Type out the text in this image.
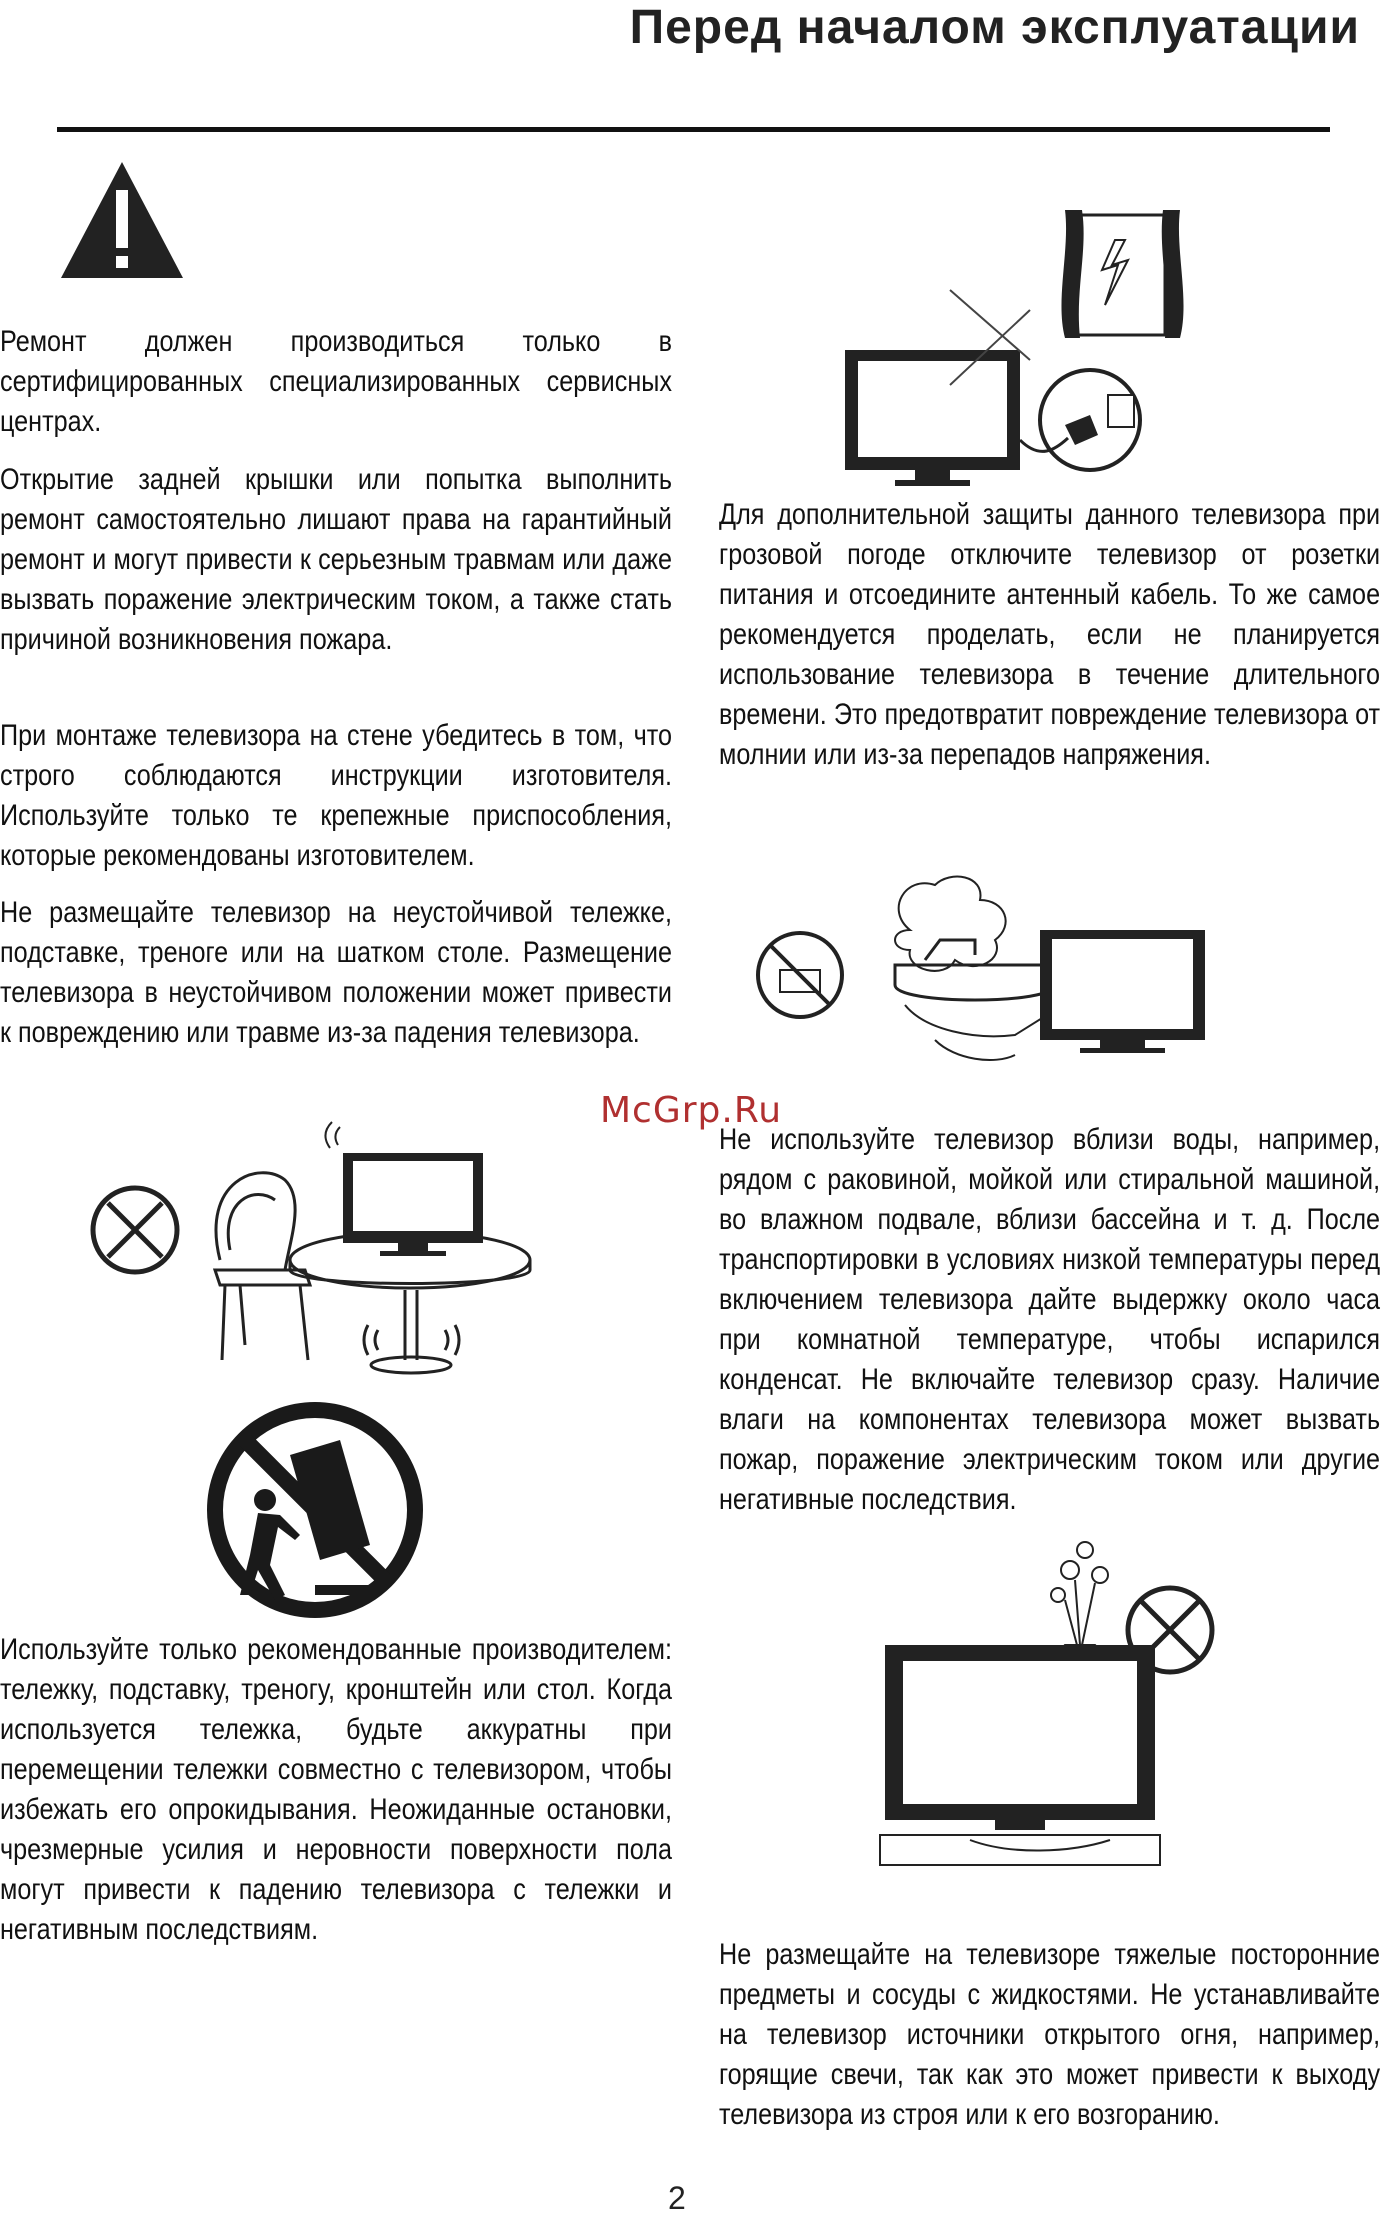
Перед началом эксплуатации

Ремонт должен производиться только в сертифицированных специализированных сервисных центрах.

Открытие задней крышки или попытка выполнить ремонт самостоятельно лишают права на гарантийный ремонт и могут привести к серьезным травмам или даже вызвать поражение электрическим током, а также стать причиной возникновения пожара.

При монтаже телевизора на стене убедитесь в том, что строго соблюдаются инструкции изготовителя. Используйте только те крепежные приспособления, которые рекомендованы изготовителем.

Не размещайте телевизор на неустойчивой тележке, подставке, треноге или на шатком столе. Размещение телевизора в неустойчивом положении может привести к повреждению или травме из-за падения телевизора.

Используйте только рекомендованные производителем: тележку, подставку, треногу, кронштейн или стол. Когда используется тележка, будьте аккуратны при перемещении тележки совместно с телевизором, чтобы избежать его опрокидывания. Неожиданные остановки, чрезмерные усилия и неровности поверхности пола могут привести к падению телевизора с тележки и негативным последствиям.

Для дополнительной защиты данного телевизора при грозовой погоде отключите телевизор от розетки питания и отсоедините антенный кабель. То же самое рекомендуется проделать, если не планируется использование телевизора в течение длительного времени. Это предотвратит повреждение телевизора от молнии или из-за перепадов напряжения.

McGrp.Ru

Не используйте телевизор вблизи воды, например, рядом с раковиной, мойкой или стиральной машиной, во влажном подвале, вблизи бассейна и т. д. После транспортировки в условиях низкой температуры перед включением телевизора дайте выдержку около часа при комнатной температуре, чтобы испарился конденсат. Не включайте телевизор сразу. Наличие влаги на компонентах телевизора может вызвать пожар, поражение электрическим током или другие негативные последствия.

Не размещайте на телевизоре тяжелые посторонние предметы и сосуды с жидкостями. Не устанавливайте на телевизор источники открытого огня, например, горящие свечи, так как это может привести к выходу телевизора из строя или к его возгоранию.

2
